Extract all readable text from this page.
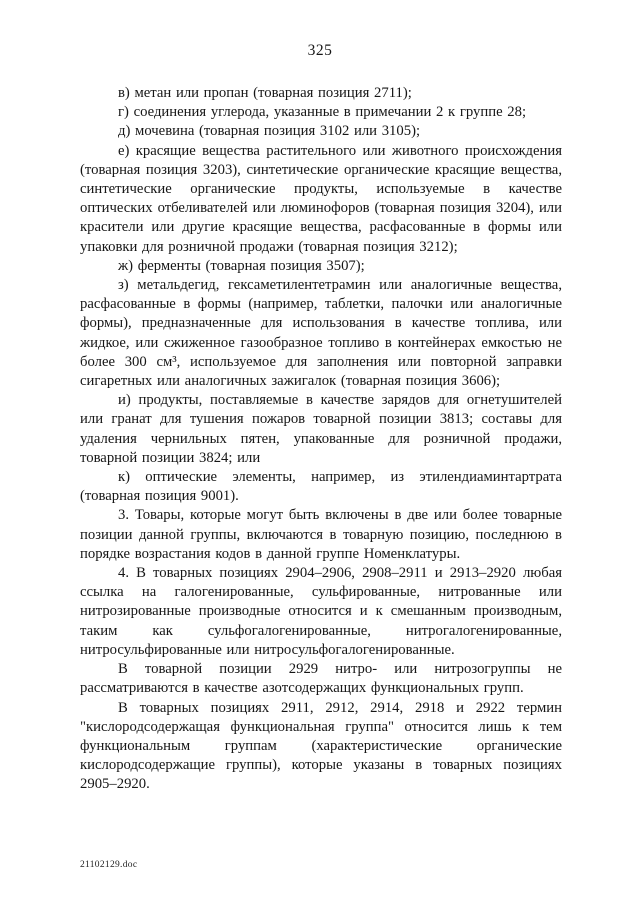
325

в) метан или пропан (товарная позиция 2711);

г) соединения углерода, указанные в примечании 2 к группе 28;

д) мочевина (товарная позиция 3102 или 3105);

е) красящие вещества растительного или животного происхождения (товарная позиция 3203), синтетические органические красящие вещества, синтетические органические продукты, используемые в качестве оптических отбеливателей или люминофоров (товарная позиция 3204), или красители или другие красящие вещества, расфасованные в формы или упаковки для розничной продажи (товарная позиция 3212);

ж) ферменты (товарная позиция 3507);

з) метальдегид, гексаметилентетрамин или аналогичные вещества, расфасованные в формы (например, таблетки, палочки или аналогичные формы), предназначенные для использования в качестве топлива, или жидкое, или сжиженное газообразное топливо в контейнерах емкостью не более 300 см³, используемое для заполнения или повторной заправки сигаретных или аналогичных зажигалок (товарная позиция 3606);

и) продукты, поставляемые в качестве зарядов для огнетушителей или гранат для тушения пожаров товарной позиции 3813; составы для удаления чернильных пятен, упакованные для розничной продажи, товарной позиции 3824; или

к) оптические элементы, например, из этилендиаминтартрата (товарная позиция 9001).

3. Товары, которые могут быть включены в две или более товарные позиции данной группы, включаются в товарную позицию, последнюю в порядке возрастания кодов в данной группе Номенклатуры.

4. В товарных позициях 2904–2906, 2908–2911 и 2913–2920 любая ссылка на галогенированные, сульфированные, нитрованные или нитрозированные производные относится и к смешанным производным, таким как сульфогалогенированные, нитрогалогенированные, нитросульфированные или нитросульфогалогенированные.

В товарной позиции 2929 нитро- или нитрозогруппы не рассматриваются в качестве азотсодержащих функциональных групп.

В товарных позициях 2911, 2912, 2914, 2918 и 2922 термин "кислородсодержащая функциональная группа" относится лишь к тем функциональным группам (характеристические органические кислородсодержащие группы), которые указаны в товарных позициях 2905–2920.

21102129.doc
